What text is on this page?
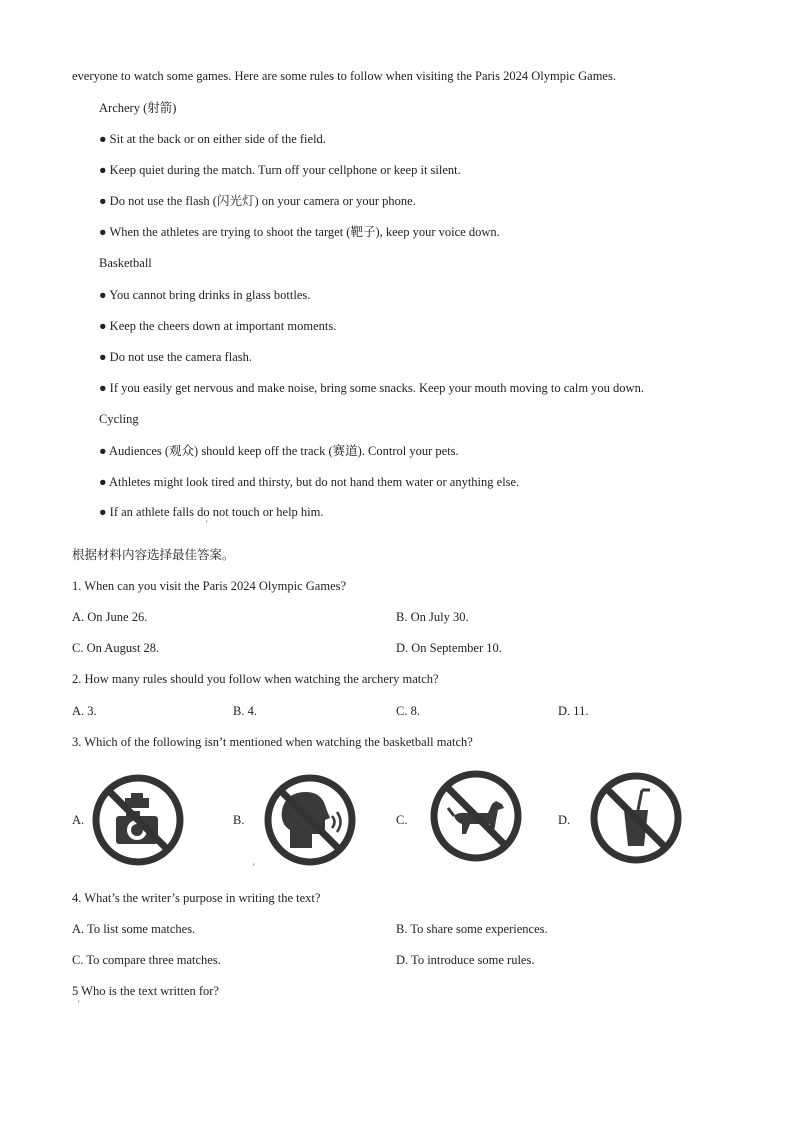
everyone to watch some games. Here are some rules to follow when visiting the Paris 2024 Olympic Games.
Archery (射箭)
● Sit at the back or on either side of the field.
● Keep quiet during the match. Turn off your cellphone or keep it silent.
● Do not use the flash (闪光灯) on your camera or your phone.
● When the athletes are trying to shoot the target (靶子), keep your voice down.
Basketball
● You cannot bring drinks in glass bottles.
● Keep the cheers down at important moments.
● Do not use the camera flash.
● If you easily get nervous and make noise, bring some snacks. Keep your mouth moving to calm you down.
Cycling
● Audiences (观众) should keep off the track (赛道). Control your pets.
● Athletes might look tired and thirsty, but do not hand them water or anything else.
● If an athlete falls do not touch or help him.
'
根据材料内容选择最佳答案。
1. When can you visit the Paris 2024 Olympic Games?
A. On June 26.	B. On July 30.
C. On August 28.	D. On September 10.
2. How many rules should you follow when watching the archery match?
A. 3.	B. 4.	C. 8.	D. 11.
3. Which of the following isn’t mentioned when watching the basketball match?
A.	B.	C.	D.
'
4. What’s the writer’s purpose in writing the text?
A. To list some matches.	B. To share some experiences.
C. To compare three matches.	D. To introduce some rules.
5 Who is the text written for?
'
